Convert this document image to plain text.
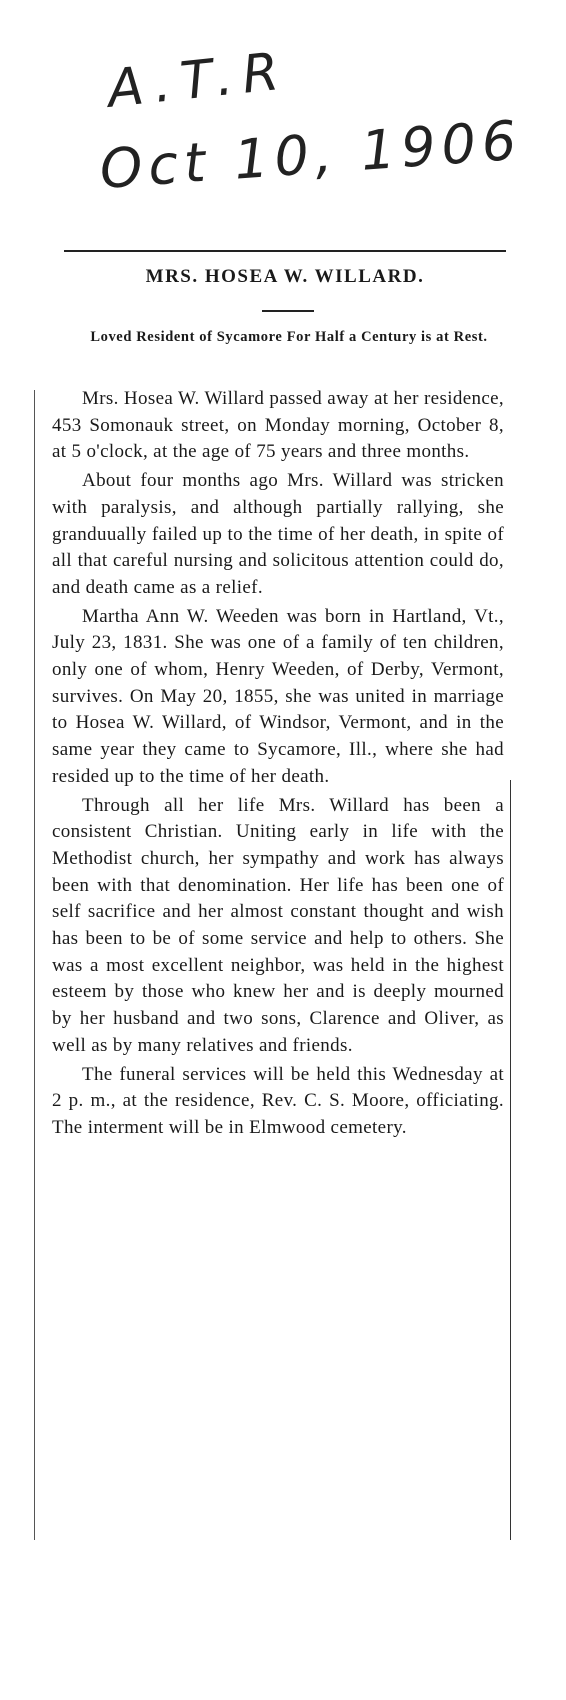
A.T.R
Oct 10, 1906
MRS. HOSEA W. WILLARD.
Loved Resident of Sycamore For Half a Century is at Rest.

Mrs. Hosea W. Willard passed away at her residence, 453 Somonauk street, on Monday morning, October 8, at 5 o'clock, at the age of 75 years and three months.

About four months ago Mrs. Willard was stricken with paralysis, and although partially rallying, she granduually failed up to the time of her death, in spite of all that careful nursing and solicitous attention could do, and death came as a relief.

Martha Ann W. Weeden was born in Hartland, Vt., July 23, 1831. She was one of a family of ten children, only one of whom, Henry Weeden, of Derby, Vermont, survives. On May 20, 1855, she was united in marriage to Hosea W. Willard, of Windsor, Vermont, and in the same year they came to Sycamore, Ill., where she had resided up to the time of her death.

Through all her life Mrs. Willard has been a consistent Christian. Uniting early in life with the Methodist church, her sympathy and work has always been with that denomination. Her life has been one of self sacrifice and her almost constant thought and wish has been to be of some service and help to others. She was a most excellent neighbor, was held in the highest esteem by those who knew her and is deeply mourned by her husband and two sons, Clarence and Oliver, as well as by many relatives and friends.

The funeral services will be held this Wednesday at 2 p. m., at the residence, Rev. C. S. Moore, officiating. The interment will be in Elmwood cemetery.
